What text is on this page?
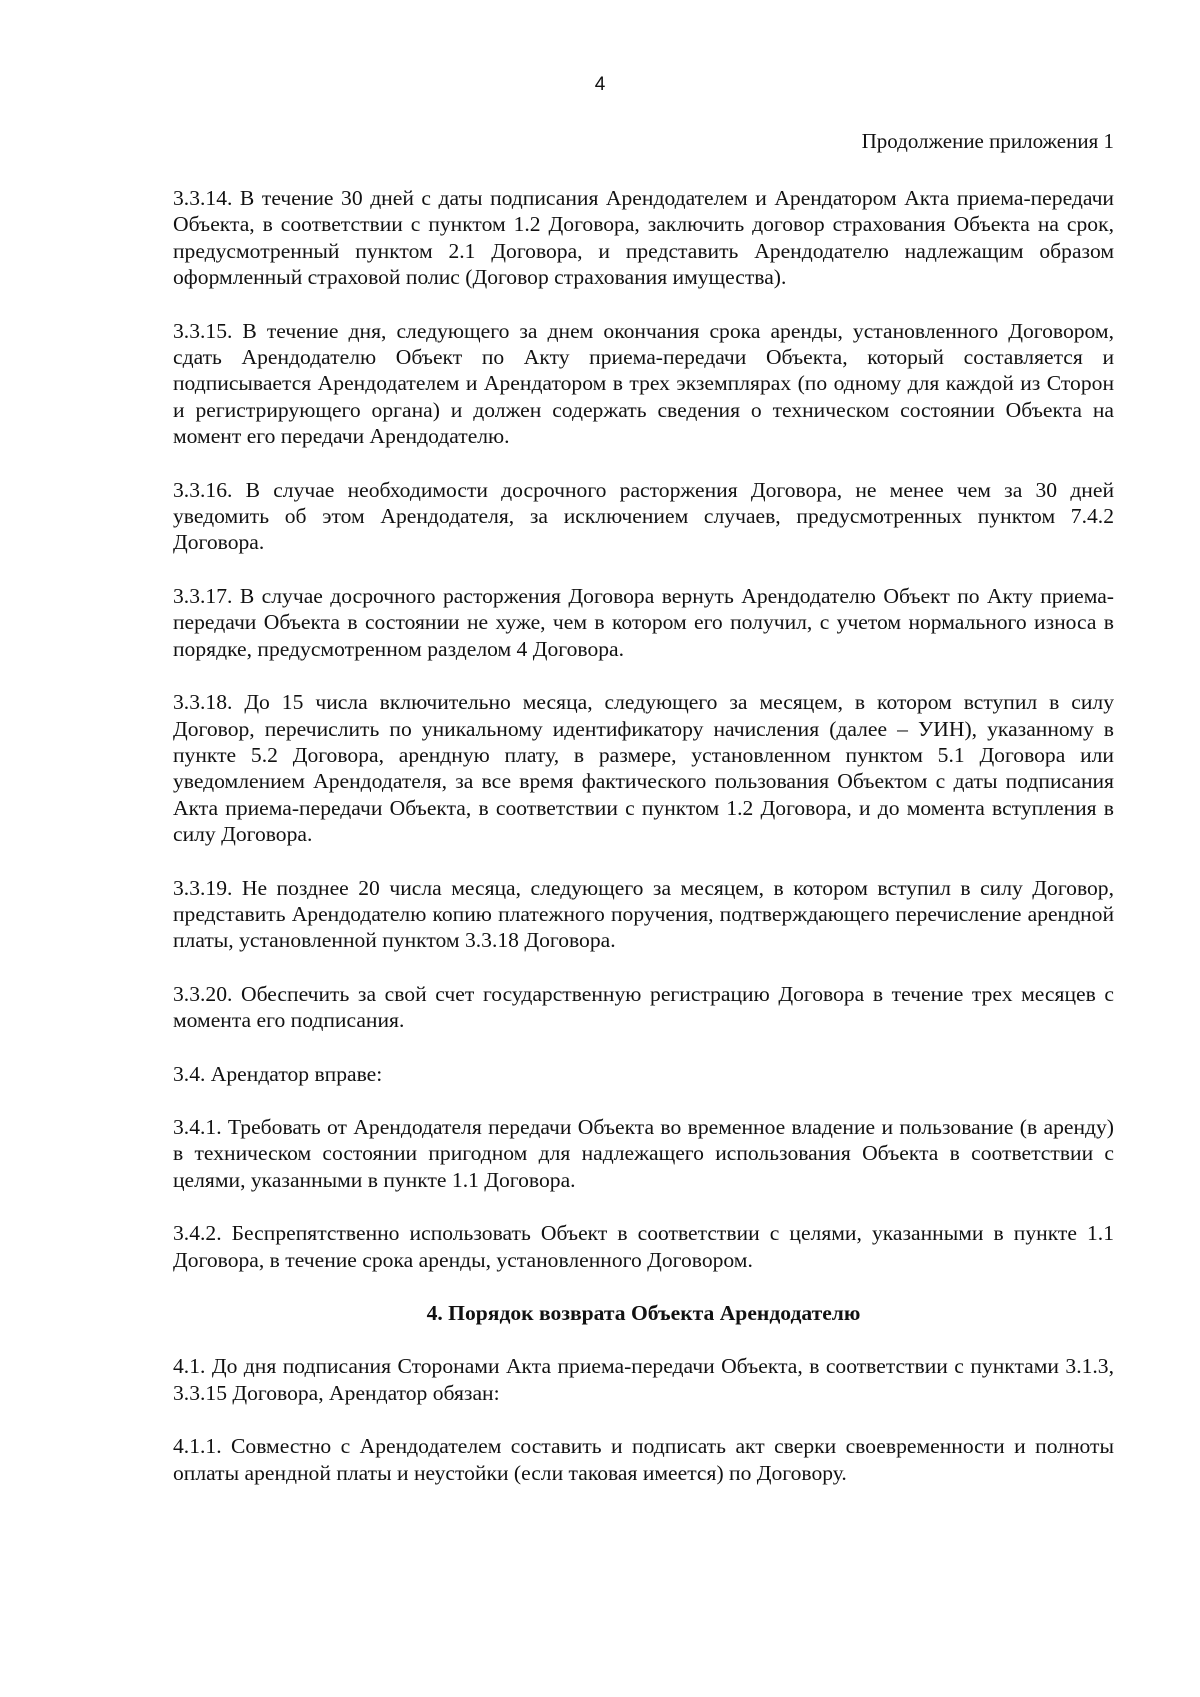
4
Продолжение приложения 1

3.3.14. В течение 30 дней с даты подписания Арендодателем и Арендатором Акта приема-передачи Объекта, в соответствии с пунктом 1.2 Договора, заключить договор страхования Объекта на срок, предусмотренный пунктом 2.1 Договора, и представить Арендодателю надлежащим образом оформленный страховой полис (Договор страхования имущества).

3.3.15. В течение дня, следующего за днем окончания срока аренды, установленного Договором, сдать Арендодателю Объект по Акту приема-передачи Объекта, который составляется и подписывается Арендодателем и Арендатором в трех экземплярах (по одному для каждой из Сторон и регистрирующего органа) и должен содержать сведения о техническом состоянии Объекта на момент его передачи Арендодателю.

3.3.16. В случае необходимости досрочного расторжения Договора, не менее чем за 30 дней уведомить об этом Арендодателя, за исключением случаев, предусмотренных пунктом 7.4.2 Договора.

3.3.17. В случае досрочного расторжения Договора вернуть Арендодателю Объект по Акту приема-передачи Объекта в состоянии не хуже, чем в котором его получил, с учетом нормального износа в порядке, предусмотренном разделом 4 Договора.

3.3.18. До 15 числа включительно месяца, следующего за месяцем, в котором вступил в силу Договор, перечислить по уникальному идентификатору начисления (далее – УИН), указанному в пункте 5.2 Договора, арендную плату, в размере, установленном пунктом 5.1 Договора или уведомлением Арендодателя, за все время фактического пользования Объектом с даты подписания Акта приема-передачи Объекта, в соответствии с пунктом 1.2 Договора, и до момента вступления в силу Договора.

3.3.19. Не позднее 20 числа месяца, следующего за месяцем, в котором вступил в силу Договор, представить Арендодателю копию платежного поручения, подтверждающего перечисление арендной платы, установленной пунктом 3.3.18 Договора.

3.3.20. Обеспечить за свой счет государственную регистрацию Договора в течение трех месяцев с момента его подписания.

3.4. Арендатор вправе:

3.4.1. Требовать от Арендодателя передачи Объекта во временное владение и пользование (в аренду) в техническом состоянии пригодном для надлежащего использования Объекта в соответствии с целями, указанными в пункте 1.1 Договора.

3.4.2. Беспрепятственно использовать Объект в соответствии с целями, указанными в пункте 1.1 Договора, в течение срока аренды, установленного Договором.

4. Порядок возврата Объекта Арендодателю

4.1. До дня подписания Сторонами Акта приема-передачи Объекта, в соответствии с пунктами 3.1.3, 3.3.15 Договора, Арендатор обязан:

4.1.1. Совместно с Арендодателем составить и подписать акт сверки своевременности и полноты оплаты арендной платы и неустойки (если таковая имеется) по Договору.
